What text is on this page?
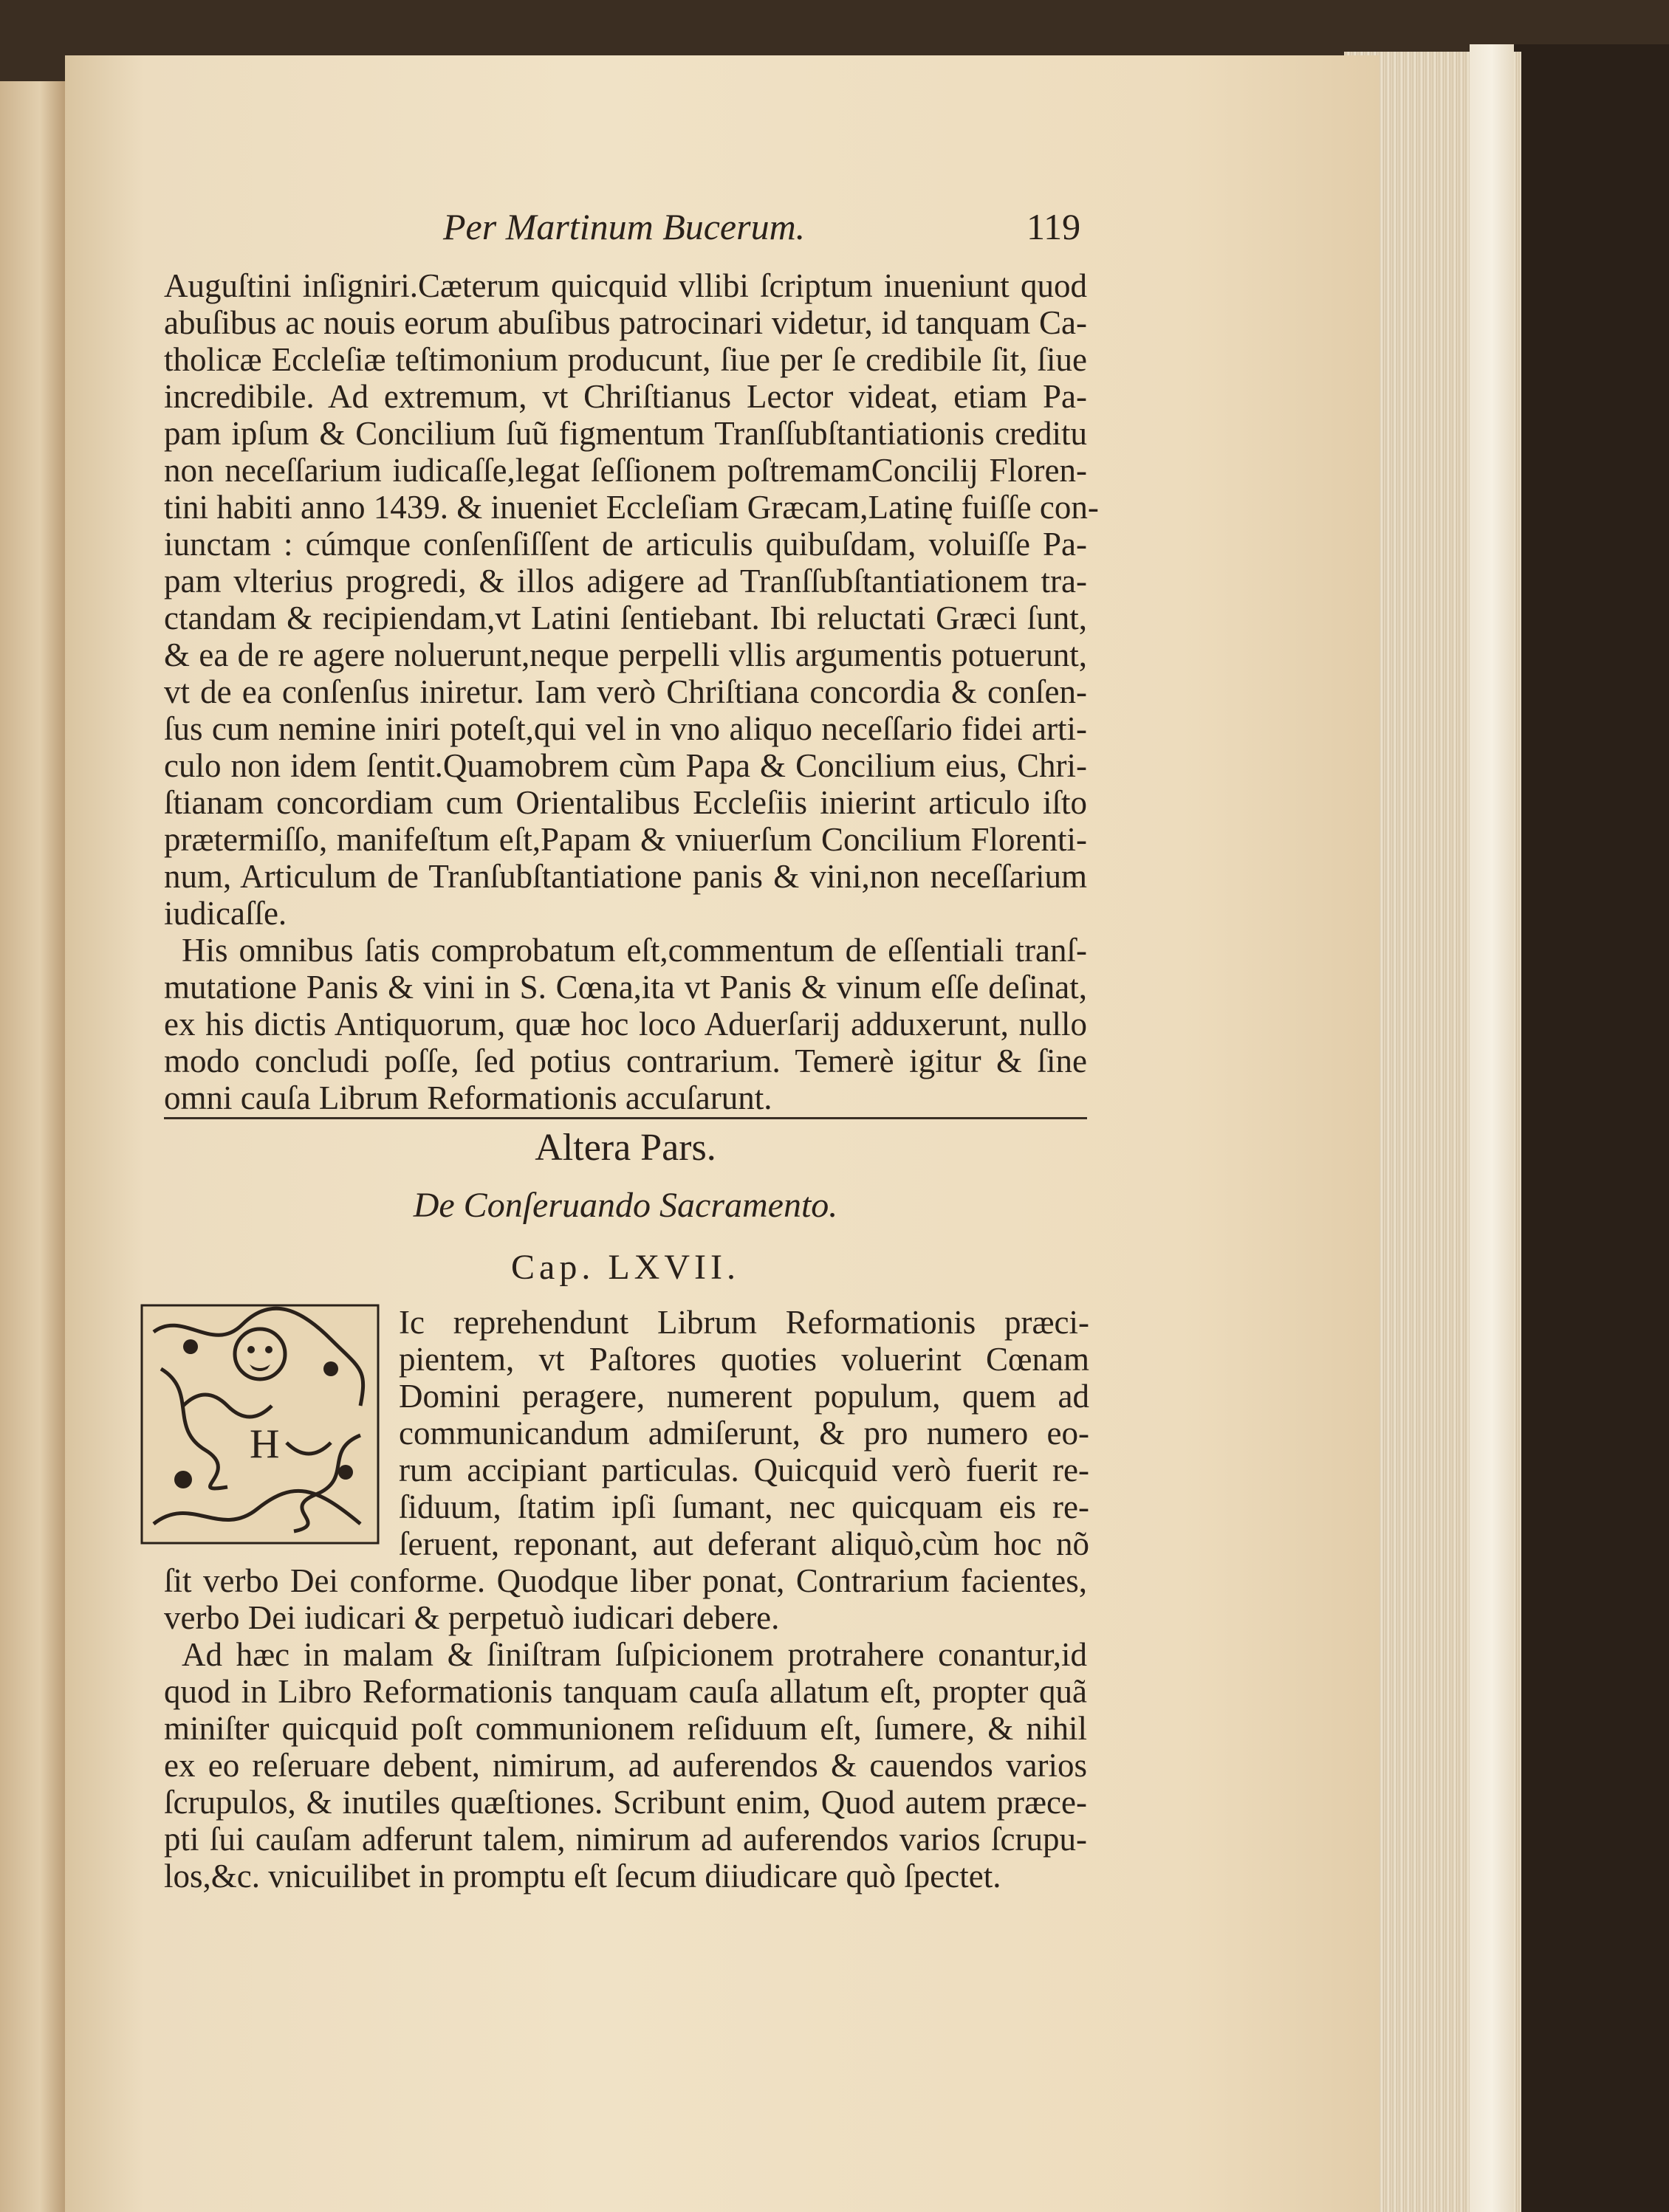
Per Martinum Bucerum.	119
Auguſtini inſigniri.Cæterum quicquid vllibi ſcriptum inueniunt quod
abuſibus ac nouis eorum abuſibus patrocinari videtur, id tanquam Ca-
tholicæ Eccleſiæ teſtimonium producunt, ſiue per ſe credibile ſit, ſiue
incredibile. Ad extremum, vt Chriſtianus Lector videat, etiam Pa-
pam ipſum & Concilium ſuũ figmentum Tranſſubſtantiationis creditu
non neceſſarium iudicaſſe,legat ſeſſionem poſtremamConcilij Floren-
tini habiti anno 1439. & inueniet Eccleſiam Græcam,Latinę fuiſſe con-
iunctam : cúmque conſenſiſſent de articulis quibuſdam, voluiſſe Pa-
pam vlterius progredi, & illos adigere ad Tranſſubſtantiationem tra-
ctandam & recipiendam,vt Latini ſentiebant. Ibi reluctati Græci ſunt,
& ea de re agere noluerunt,neque perpelli vllis argumentis potuerunt,
vt de ea conſenſus iniretur. Iam verò Chriſtiana concordia & conſen-
ſus cum nemine iniri poteſt,qui vel in vno aliquo neceſſario fidei arti-
culo non idem ſentit.Quamobrem cùm Papa & Concilium eius, Chri-
ſtianam concordiam cum Orientalibus Eccleſiis inierint articulo iſto
prætermiſſo, manifeſtum eſt,Papam & vniuerſum Concilium Florenti-
num, Articulum de Tranſubſtantiatione panis & vini,non neceſſarium
iudicaſſe.
His omnibus ſatis comprobatum eſt,commentum de eſſentiali tranſ-
mutatione Panis & vini in S. Cœna,ita vt Panis & vinum eſſe deſinat,
ex his dictis Antiquorum, quæ hoc loco Aduerſarij adduxerunt, nullo
modo concludi poſſe, ſed potius contrarium. Temerè igitur & ſine
omni cauſa Librum Reformationis accuſarunt.
Altera Pars.
De Conſeruando Sacramento.
Cap. LXVII.
H
Ic reprehendunt Librum Reformationis præci-
pientem, vt Paſtores quoties voluerint Cœnam
Domini peragere, numerent populum, quem ad
communicandum admiſerunt, & pro numero eo-
rum accipiant particulas. Quicquid verò fuerit re-
ſiduum, ſtatim ipſi ſumant, nec quicquam eis re-
ſeruent, reponant, aut deferant aliquò,cùm hoc nõ
ſit verbo Dei conforme. Quodque liber ponat, Contrarium facientes,
verbo Dei iudicari & perpetuò iudicari debere.
Ad hæc in malam & ſiniſtram ſuſpicionem protrahere conantur,id
quod in Libro Reformationis tanquam cauſa allatum eſt, propter quã
miniſter quicquid poſt communionem reſiduum eſt, ſumere, & nihil
ex eo reſeruare debent, nimirum, ad auferendos & cauendos varios
ſcrupulos, & inutiles quæſtiones. Scribunt enim, Quod autem præce-
pti ſui cauſam adferunt talem, nimirum ad auferendos varios ſcrupu-
los,&c. vnicuilibet in promptu eſt ſecum diiudicare quò ſpectet.
